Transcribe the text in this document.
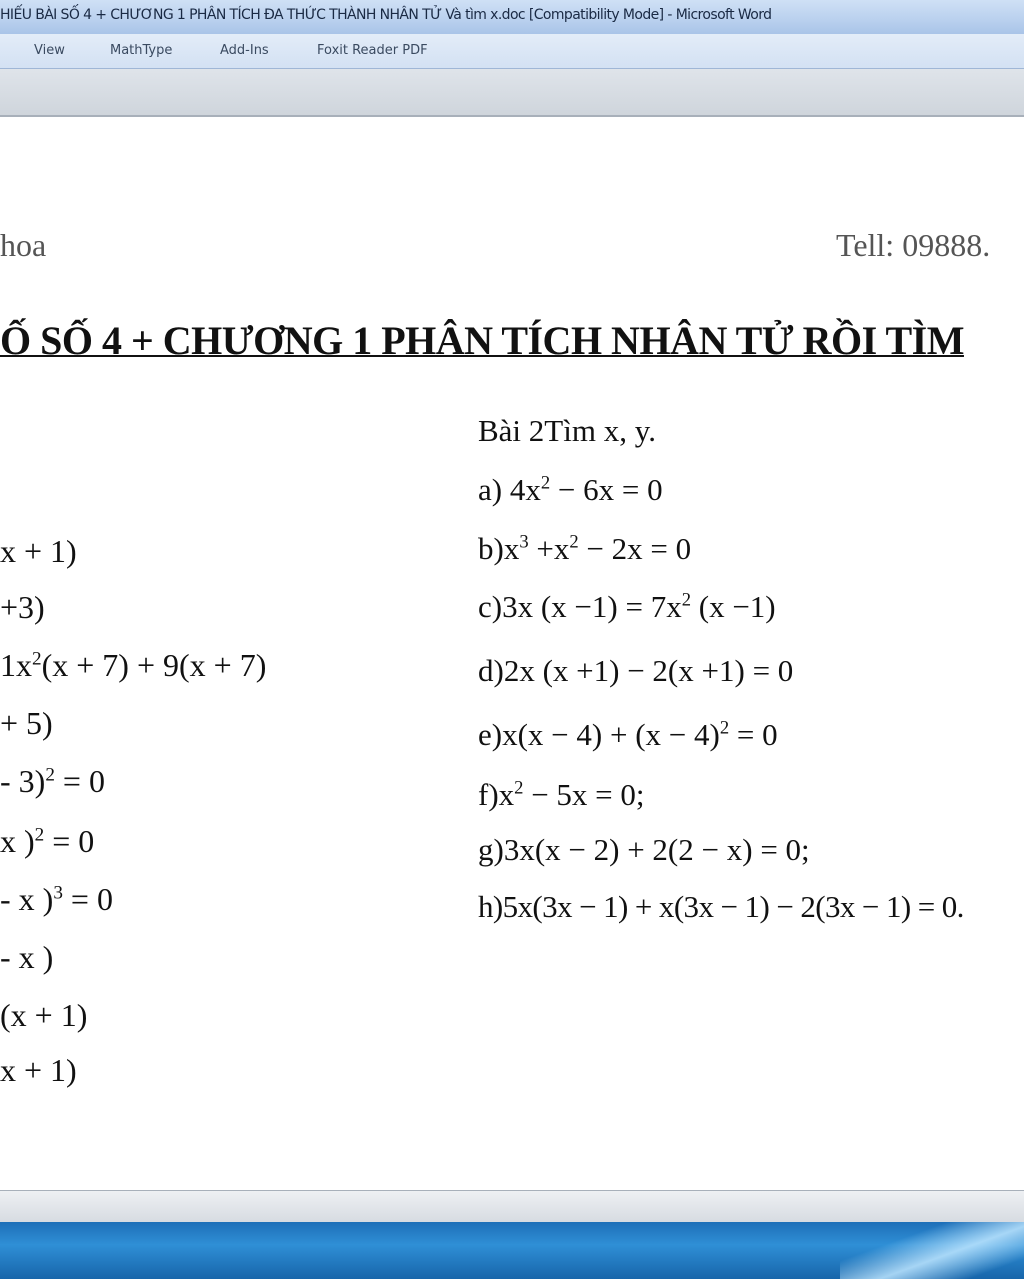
HIẾU BÀI SỐ 4 + CHƯƠNG 1 PHÂN TÍCH ĐA THỨC THÀNH NHÂN TỬ Và tìm x.doc [Compatibility Mode] - Microsoft Word
View	MathType	Add-Ins	Foxit Reader PDF
hoa	Tell: 09888.
Ố SỐ 4 + CHƯƠNG 1 PHÂN TÍCH NHÂN TỬ RỒI TÌM
x + 1)
+3)
$1x^2(x + 7) + 9(x + 7)$
+ 5)
- 3)$^2$ = 0
x )$^2$ = 0
- x )$^3$ = 0
- x )
(x + 1)
x + 1)
Bài 2Tìm x, y.
a) $4x^2 - 6x = 0$
$b)x^3 +x^2 - 2x = 0$
c)3x $(x -1) = 7x^2$ (x −1)
d)2x (x +1) − 2(x +1) = 0
$e)x(x - 4) + (x - 4)^2 = 0$
$f)x^2 - 5x = 0$;
g)3x(x − 2) + 2(2 − x) = 0;
h)5x(3x − 1) + x(3x − 1) − 2(3x − 1) = 0.
